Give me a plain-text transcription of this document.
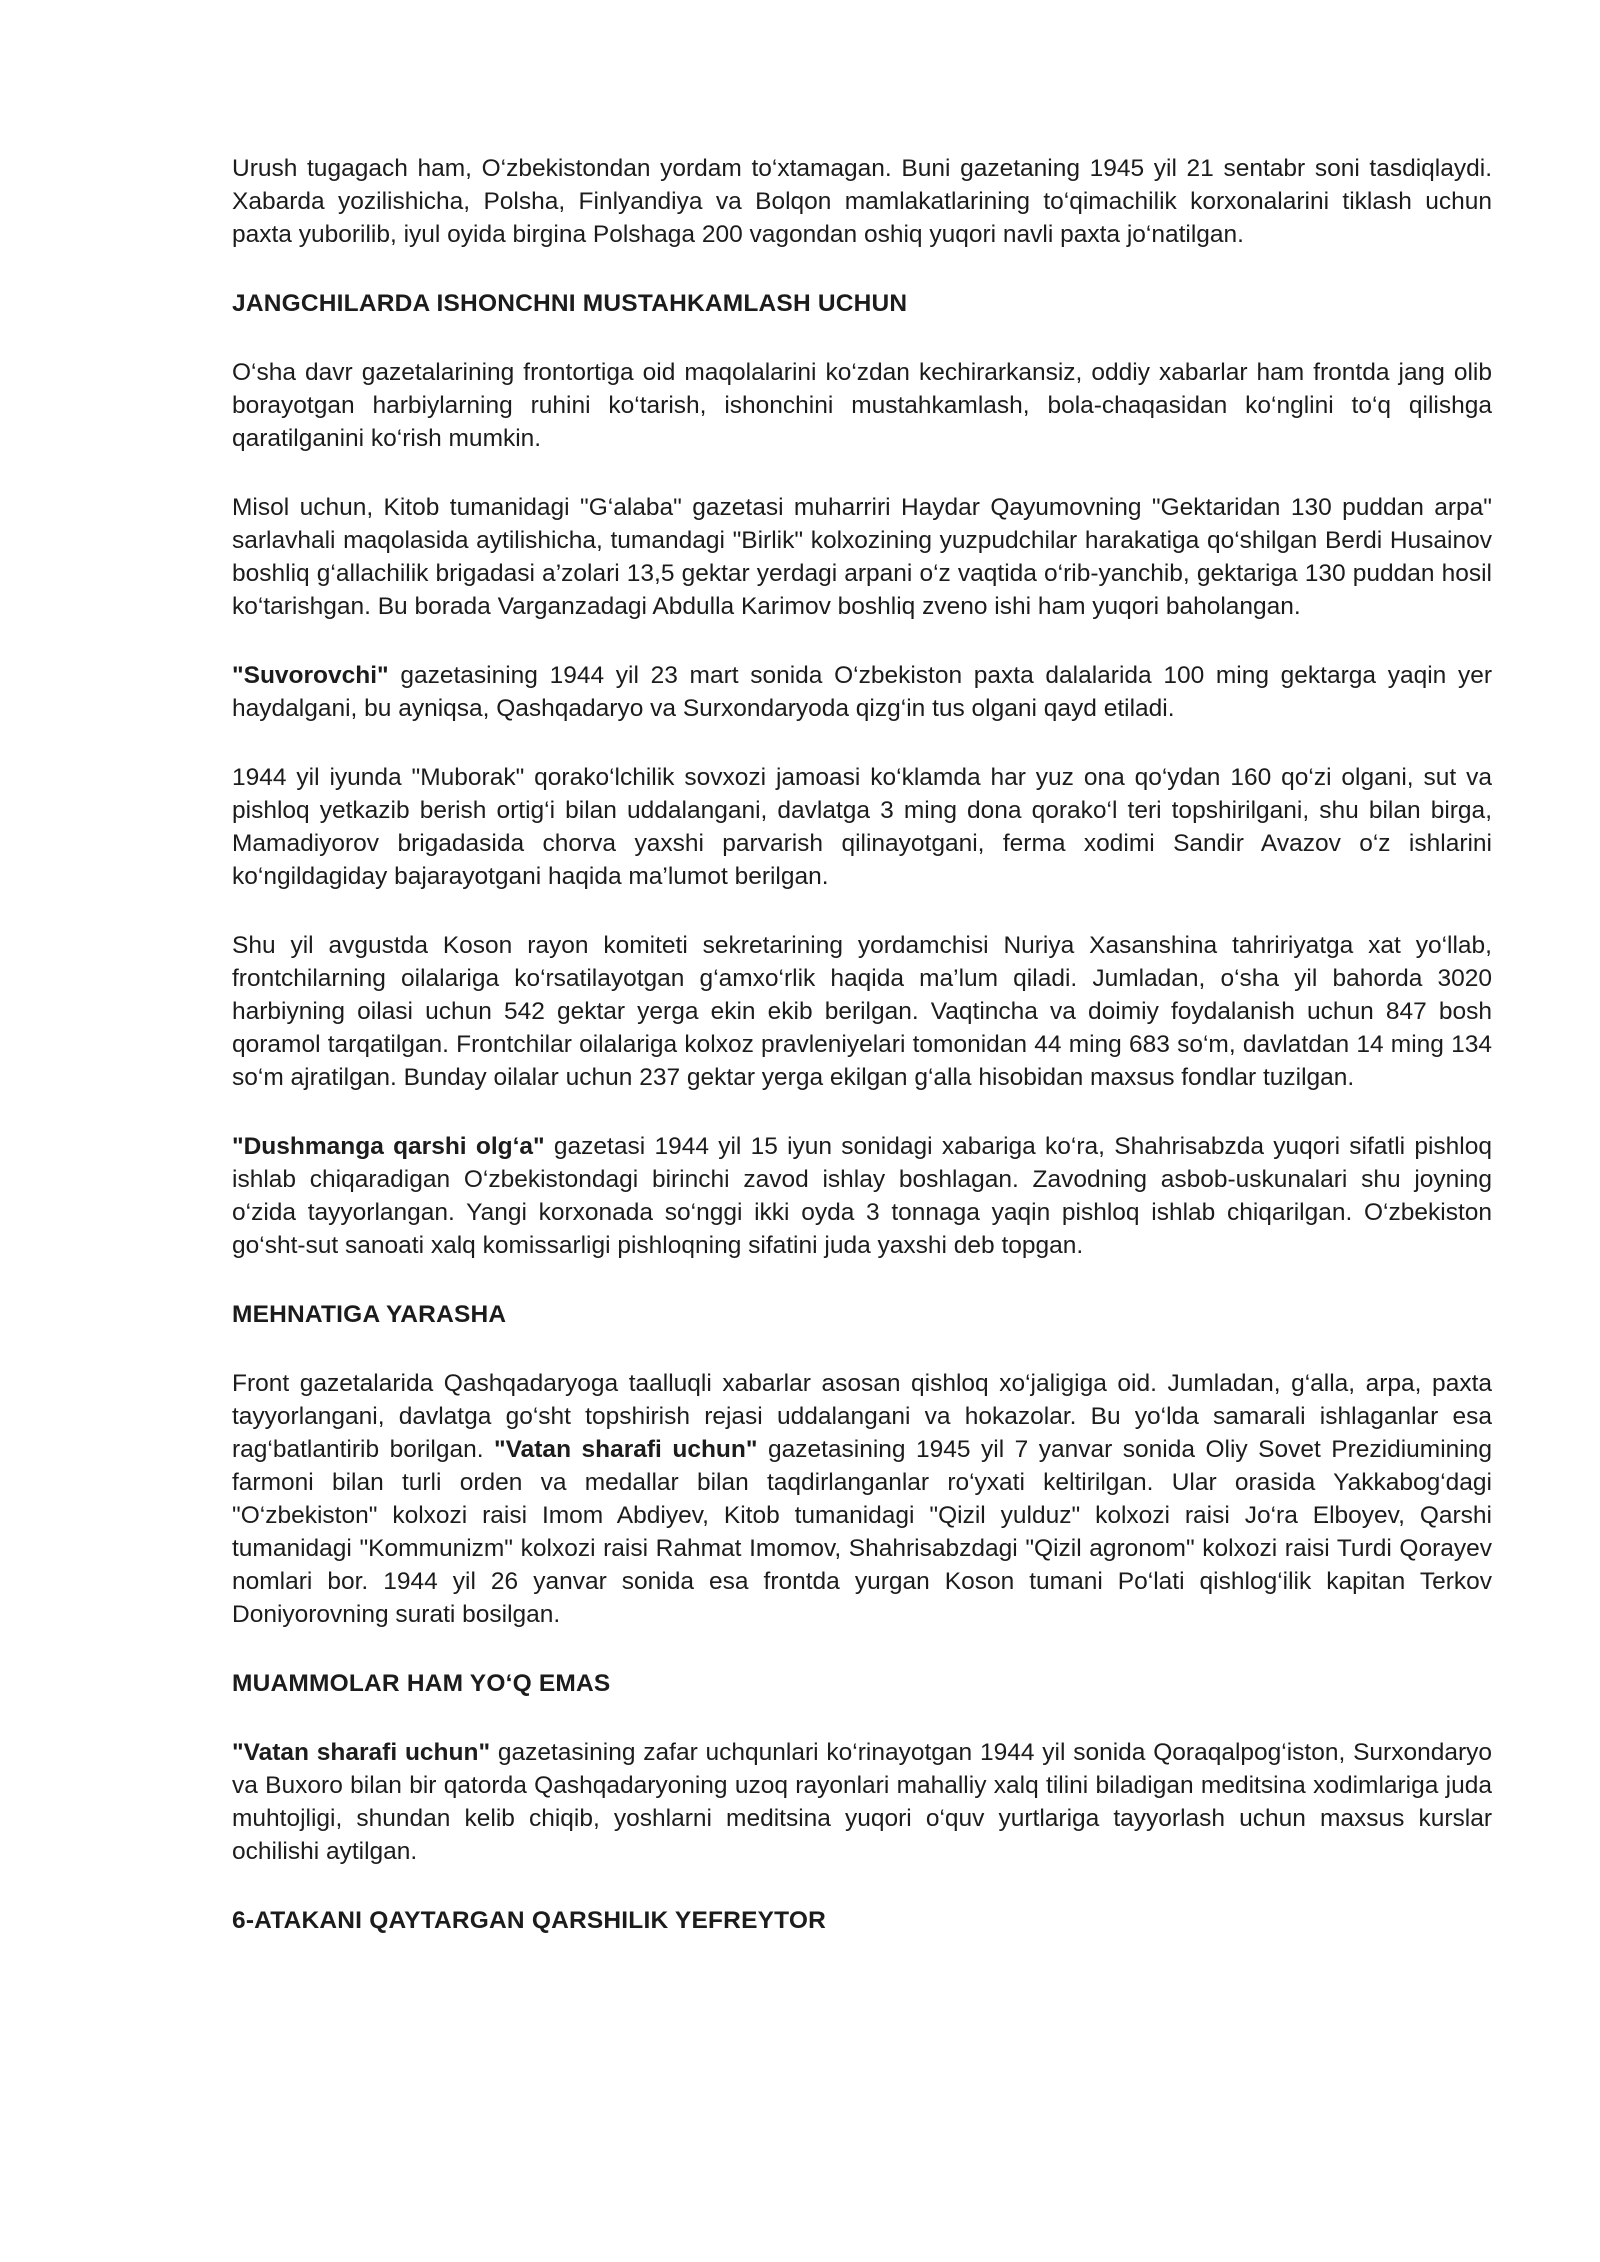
Urush tugagach ham, O‘zbekistondan yordam to‘xtamagan. Buni gazetaning 1945 yil 21 sentabr soni tasdiqlaydi. Xabarda yozilishicha, Polsha, Finlyandiya va Bolqon mamlakatlarining to‘qimachilik korxonalarini tiklash uchun paxta yuborilib, iyul oyida birgina Polshaga 200 vagondan oshiq yuqori navli paxta jo‘natilgan.

JANGCHILARDA ISHONCHNI MUSTAHKAMLASH UCHUN

O‘sha davr gazetalarining frontortiga oid maqolalarini ko‘zdan kechirarkansiz, oddiy xabarlar ham frontda jang olib borayotgan harbiylarning ruhini ko‘tarish, ishonchini mustahkamlash, bola-chaqasidan ko‘nglini to‘q qilishga qaratilganini ko‘rish mumkin.

Misol uchun, Kitob tumanidagi "G‘alaba" gazetasi muharriri Haydar Qayumovning "Gektaridan 130 puddan arpa" sarlavhali maqolasida aytilishicha, tumandagi "Birlik" kolxozining yuzpudchilar harakatiga qo‘shilgan Berdi Husainov boshliq g‘allachilik brigadasi a’zolari 13,5 gektar yerdagi arpani o‘z vaqtida o‘rib-yanchib, gektariga 130 puddan hosil ko‘tarishgan. Bu borada Varganzadagi Abdulla Karimov boshliq zveno ishi ham yuqori baholangan.

"Suvorovchi" gazetasining 1944 yil 23 mart sonida O‘zbekiston paxta dalalarida 100 ming gektarga yaqin yer haydalgani, bu ayniqsa, Qashqadaryo va Surxondaryoda qizg‘in tus olgani qayd etiladi.

1944 yil iyunda "Muborak" qorako‘lchilik sovxozi jamoasi ko‘klamda har yuz ona qo‘ydan 160 qo‘zi olgani, sut va pishloq yetkazib berish ortig‘i bilan uddalangani, davlatga 3 ming dona qorako‘l teri topshirilgani, shu bilan birga, Mamadiyorov brigadasida chorva yaxshi parvarish qilinayotgani, ferma xodimi Sandir Avazov o‘z ishlarini ko‘ngildagiday bajarayotgani haqida ma’lumot berilgan.

Shu yil avgustda Koson rayon komiteti sekretarining yordamchisi Nuriya Xasanshina tahririyatga xat yo‘llab, frontchilarning oilalariga ko‘rsatilayotgan g‘amxo‘rlik haqida ma’lum qiladi. Jumladan, o‘sha yil bahorda 3020 harbiyning oilasi uchun 542 gektar yerga ekin ekib berilgan. Vaqtincha va doimiy foydalanish uchun 847 bosh qoramol tarqatilgan. Frontchilar oilalariga kolxoz pravleniyelari tomonidan 44 ming 683 so‘m, davlatdan 14 ming 134 so‘m ajratilgan. Bunday oilalar uchun 237 gektar yerga ekilgan g‘alla hisobidan maxsus fondlar tuzilgan.

"Dushmanga qarshi olg‘a" gazetasi 1944 yil 15 iyun sonidagi xabariga ko‘ra, Shahrisabzda yuqori sifatli pishloq ishlab chiqaradigan O‘zbekistondagi birinchi zavod ishlay boshlagan. Zavodning asbob-uskunalari shu joyning o‘zida tayyorlangan. Yangi korxonada so‘nggi ikki oyda 3 tonnaga yaqin pishloq ishlab chiqarilgan. O‘zbekiston go‘sht-sut sanoati xalq komissarligi pishloqning sifatini juda yaxshi deb topgan.

MEHNATIGA YARASHA

Front gazetalarida Qashqadaryoga taalluqli xabarlar asosan qishloq xo‘jaligiga oid. Jumladan, g‘alla, arpa, paxta tayyorlangani, davlatga go‘sht topshirish rejasi uddalangani va hokazolar. Bu yo‘lda samarali ishlaganlar esa rag‘batlantirib borilgan. "Vatan sharafi uchun" gazetasining 1945 yil 7 yanvar sonida Oliy Sovet Prezidiumining farmoni bilan turli orden va medallar bilan taqdirlanganlar ro‘yxati keltirilgan. Ular orasida Yakkabog‘dagi "O‘zbekiston" kolxozi raisi Imom Abdiyev, Kitob tumanidagi "Qizil yulduz" kolxozi raisi Jo‘ra Elboyev, Qarshi tumanidagi "Kommunizm" kolxozi raisi Rahmat Imomov, Shahrisabzdagi "Qizil agronom" kolxozi raisi Turdi Qorayev nomlari bor. 1944 yil 26 yanvar sonida esa frontda yurgan Koson tumani Po‘lati qishlog‘ilik kapitan Terkov Doniyorovning surati bosilgan.

MUAMMOLAR HAM YO‘Q EMAS

"Vatan sharafi uchun" gazetasining zafar uchqunlari ko‘rinayotgan 1944 yil sonida Qoraqalpog‘iston, Surxondaryo va Buxoro bilan bir qatorda Qashqadaryoning uzoq rayonlari mahalliy xalq tilini biladigan meditsina xodimlariga juda muhtojligi, shundan kelib chiqib, yoshlarni meditsina yuqori o‘quv yurtlariga tayyorlash uchun maxsus kurslar ochilishi aytilgan.

6-ATAKANI QAYTARGAN QARSHILIK YEFREYTOR
